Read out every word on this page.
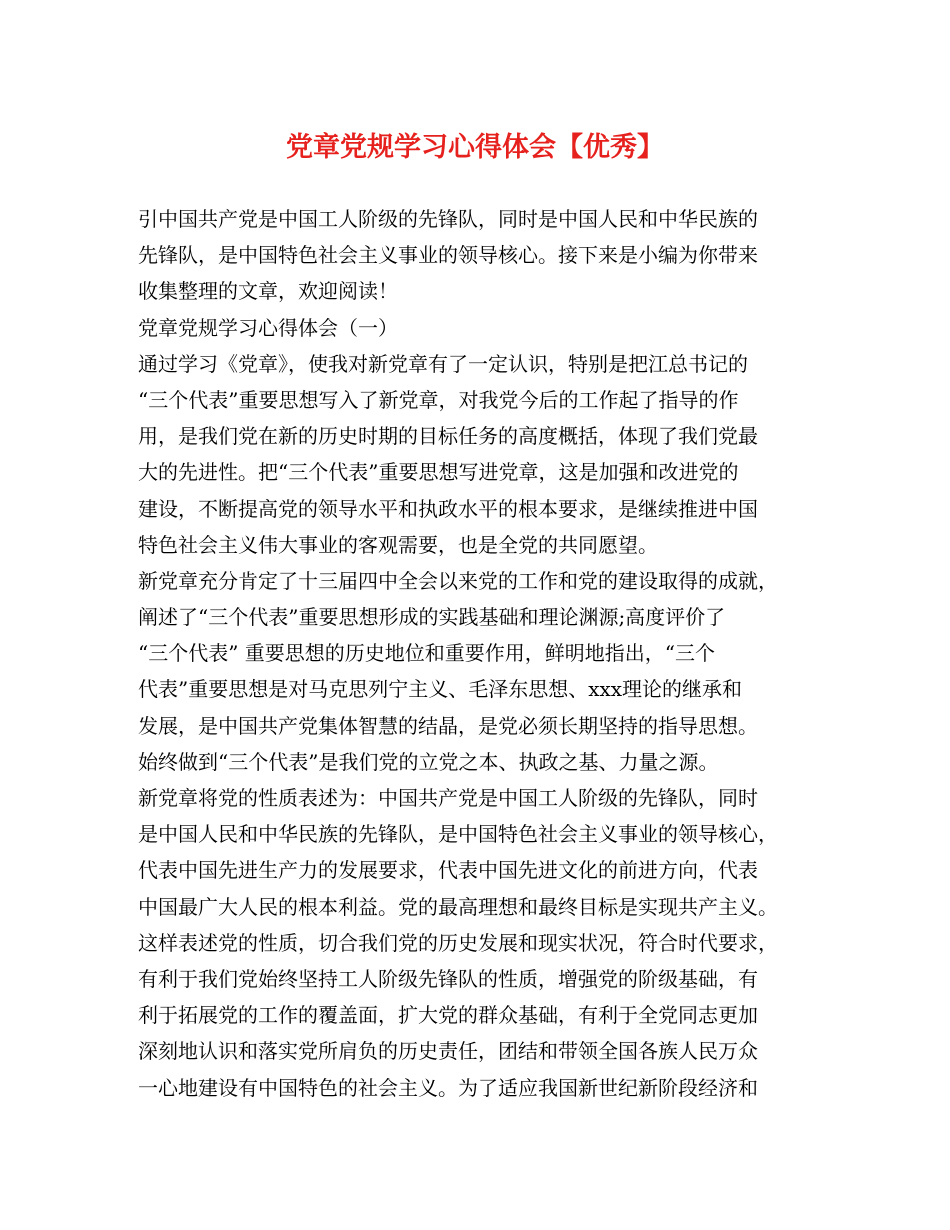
党章党规学习心得体会【优秀】
引中国共产党是中国工人阶级的先锋队，同时是中国人民和中华民族的
先锋队，是中国特色社会主义事业的领导核心。接下来是小编为你带来
收集整理的文章，欢迎阅读！
党章党规学习心得体会（一）
通过学习《党章》，使我对新党章有了一定认识，特别是把江总书记的
“三个代表”重要思想写入了新党章，对我党今后的工作起了指导的作
用，是我们党在新的历史时期的目标任务的高度概括，体现了我们党最
大的先进性。把“三个代表”重要思想写进党章，这是加强和改进党的
建设，不断提高党的领导水平和执政水平的根本要求，是继续推进中国
特色社会主义伟大事业的客观需要，也是全党的共同愿望。
新党章充分肯定了十三届四中全会以来党的工作和党的建设取得的成就，
阐述了“三个代表”重要思想形成的实践基础和理论渊源;高度评价了
“三个代表” 重要思想的历史地位和重要作用，鲜明地指出，“三个
代表”重要思想是对马克思列宁主义、毛泽东思想、xxx理论的继承和
发展，是中国共产党集体智慧的结晶，是党必须长期坚持的指导思想。
始终做到“三个代表”是我们党的立党之本、执政之基、力量之源。
新党章将党的性质表述为：中国共产党是中国工人阶级的先锋队，同时
是中国人民和中华民族的先锋队，是中国特色社会主义事业的领导核心，
代表中国先进生产力的发展要求，代表中国先进文化的前进方向，代表
中国最广大人民的根本利益。党的最高理想和最终目标是实现共产主义。
这样表述党的性质，切合我们党的历史发展和现实状况，符合时代要求，
有利于我们党始终坚持工人阶级先锋队的性质，增强党的阶级基础，有
利于拓展党的工作的覆盖面，扩大党的群众基础，有利于全党同志更加
深刻地认识和落实党所肩负的历史责任，团结和带领全国各族人民万众
一心地建设有中国特色的社会主义。为了适应我国新世纪新阶段经济和
